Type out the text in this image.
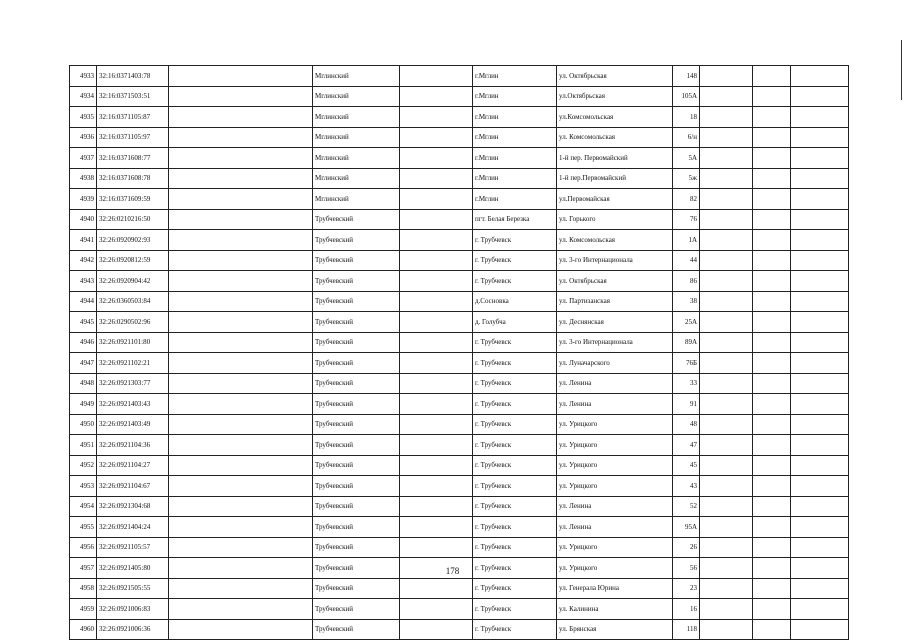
4933	32:16:0371403:78		Мглинский		г.Мглин	ул. Октябрьская	148			
4934	32:16:0371503:51		Мглинский		г.Мглин	ул.Октябрьская	105А			
4935	32:16:0371105:87		Мглинский		г.Мглин	ул.Комсомольская	18			
4936	32:16:0371105:97		Мглинский		г.Мглин	ул. Комсомольская	6/н			
4937	32:16:0371608:77		Мглинский		г.Мглин	1-й пер. Первомайский	5А			
4938	32:16:0371608:78		Мглинский		г.Мглин	1-й пер.Первомайский	5ж			
4939	32:16:0371609:59		Мглинский		г.Мглин	ул.Первомайская	82			
4940	32:26:0210216:50		Трубчевский		пгт. Белая Березка	ул. Горького	76			
4941	32:26:0920902:93		Трубчевский		г. Трубчевск	ул. Комсомольская	1А			
4942	32:26:0920812:59		Трубчевский		г. Трубчевск	ул. 3-го Интернационала	44			
4943	32:26:0920904:42		Трубчевский		г. Трубчевск	ул. Октябрьская	86			
4944	32:26:0360503:84		Трубчевский		д.Сосновка	ул. Партизанская	38			
4945	32:26:0290502:96		Трубчевский		д. Голубча	ул. Деснянская	25А			
4946	32:26:0921101:80		Трубчевский		г. Трубчевск	ул. 3-го Интернационала	89А			
4947	32:26:0921102:21		Трубчевский		г. Трубчевск	ул. Луначарского	76Б			
4948	32:26:0921303:77		Трубчевский		г. Трубчевск	ул. Ленина	33			
4949	32:26:0921403:43		Трубчевский		г. Трубчевск	ул. Ленина	91			
4950	32:26:0921403:49		Трубчевский		г. Трубчевск	ул. Урицкого	48			
4951	32:26:0921104:36		Трубчевский		г. Трубчевск	ул. Урицкого	47			
4952	32:26:0921104:27		Трубчевский		г. Трубчевск	ул. Урицкого	45			
4953	32:26:0921104:67		Трубчевский		г. Трубчевск	ул. Урицкого	43			
4954	32:26:0921304:68		Трубчевский		г. Трубчевск	ул. Ленина	52			
4955	32:26:0921404:24		Трубчевский		г. Трубчевск	ул. Ленина	95А			
4956	32:26:0921105:57		Трубчевский		г. Трубчевск	ул. Урицкого	26			
4957	32:26:0921405:80		Трубчевский		г. Трубчевск	ул. Урицкого	56			
4958	32:26:0921505:55		Трубчевский		г. Трубчевск	ул. Генерала Юрина	23			
4959	32:26:0921006:83		Трубчевский		г. Трубчевск	ул. Калинина	16			
4960	32:26:0921006:36		Трубчевский		г. Трубчевск	ул. Брянская	118			
178
